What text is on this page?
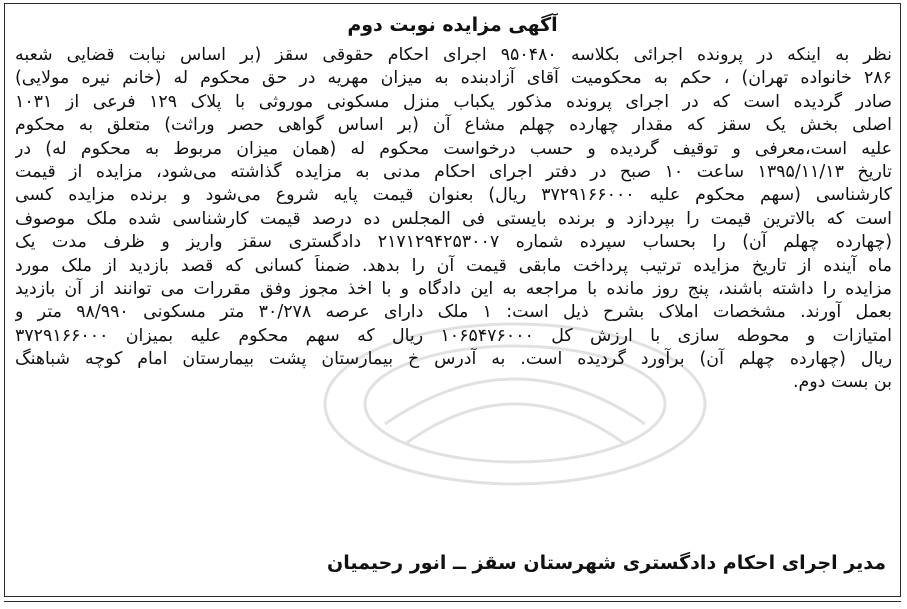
آگهی مزایده نوبت دوم
نظر به اینکه در پرونده اجرائی بکلاسه ۹۵۰۴۸۰ اجرای احکام حقوقی سقز (بر اساس نیابت قضایی شعبه
۲۸۶ خانواده تهران) ، حکم به محکومیت آقای آزادبنده به میزان مهریه در حق محکوم له (خانم نیره مولایی)
صادر گردیده است که در اجرای پرونده مذکور یکباب منزل مسکونی موروثی با پلاک ۱۲۹ فرعی از ۱۰۳۱
اصلی بخش یک سقز که مقدار چهارده چهلم مشاع آن (بر اساس گواهی حصر وراثت) متعلق به محکوم
علیه است،معرفی و توقیف گردیده و حسب درخواست محکوم له (همان میزان مربوط به محکوم له) در
تاریخ ۱۳۹۵/۱۱/۱۳ ساعت ۱۰ صبح در دفتر اجرای احکام مدنی به مزایده گذاشته می‌شود، مزایده از قیمت
کارشناسی (سهم محکوم علیه ۳۷۲۹۱۶۶۰۰۰ ریال) بعنوان قیمت پایه شروع می‌شود و برنده مزایده کسی
است که بالاترین قیمت را بپردازد و برنده بایستی فی المجلس ده درصد قیمت کارشناسی شده ملک موصوف
(چهارده چهلم آن) را بحساب سپرده شماره ۲۱۷۱۲۹۴۲۵۳۰۰۷ دادگستری سقز واریز و ظرف مدت یک
ماه آینده از تاریخ مزایده ترتیب پرداخت مابقی قیمت آن را بدهد. ضمناً کسانی که قصد بازدید از ملک مورد
مزایده را داشته باشند، پنج روز مانده با مراجعه به این دادگاه و با اخذ مجوز وفق مقررات می توانند از آن بازدید
بعمل آورند. مشخصات املاک بشرح ذیل است: ۱ ملک دارای عرصه ۳۰/۲۷۸ متر مسکونی ۹۸/۹۹۰ متر و
امتیازات و محوطه سازی با ارزش کل ۱۰۶۵۴۷۶۰۰۰ ریال که سهم محکوم علیه بمیزان ۳۷۲۹۱۶۶۰۰۰
ریال (چهارده چهلم آن) برآورد گردیده است. به آدرس خ بیمارستان پشت بیمارستان امام کوچه شباهنگ
بن بست دوم.
مدیر اجرای احکام دادگستری شهرستان سقز ــ انور رحیمیان
